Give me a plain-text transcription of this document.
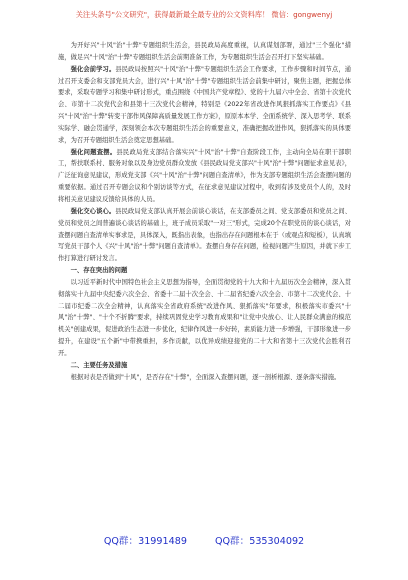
关注头条号"公文研究"，获得最新最全最专业的公文资料库！ 微信：gongwenyj

为开好兴"十风"治"十弊"专题组织生活会，县民政局高度重视，认真谋划部署，通过"三个强化"措施，做足兴"十风"治"十弊"专题组织生活会前期准备工作，为专题组织生活会召开打下坚实基础。

强化会前学习。县民政局按照兴"十风"治"十弊"专题组织生活会工作要求，工作步骤和时间节点，通过召开支委会和支部党员大会，进行兴"十风"治"十弊"专题组织生活会前集中研讨，聚焦主题，把握总体要求，采取专题学习和集中研讨形式，重点围绕《中国共产党章程》、党的十九届六中全会、省第十次党代会、市第十二次党代会和县第十三次党代会精神，特别是《2022年省改进作风狠抓落实工作要点》《县兴"十风"治"十弊"转变干部作风保障高质量发展工作方案》，原原本本学、全面系统学、深入思考学、联系实际学、融会贯通学，深刻领会本次专题组织生活会的重要意义，准确把握改进作风，狠抓落实的具体要求，为召开专题组织生活会奠定思想基础。

强化问题查摆。县民政局党支部结合落实兴"十风"治"十弊"自查阶段工作，主动向全局在职干部职工，帮扶联系村、服务对象以及身边党员群众发放《县民政局党支部兴"十风"治"十弊"问题征求意见表》，广泛征询意见建议，形成党支部《兴"十风"治"十弊"问题自查清单》，作为支部专题组织生活会查摆问题的重要依据。通过召开专题会议和个别访谈等方式，在征求意见建议过程中，收到有涉及党员个人的，及时将相关意见建议反馈给具体的人员。

强化交心谈心。县民政局党支部认真开展会前谈心谈话，在支部委员之间、党支部委员和党员之间、党员和党员之间普遍谈心谈话的基础上，班子成员采取"一对三"形式，完成20个在职党员的谈心谈话，对查摆问题自查清单实事求是，具体深入，既指出表象，也指出存在问题根本在于（或观点和短板），认真填写党员干部个人《兴"十风"治"十弊"问题自查清单》。查摆自身存在问题，检视问题产生原因，并就下步工作打算进行研讨发言。

一、存在突出的问题

以习近平新时代中国特色社会主义思想为指导，全面贯彻党的十九大和十九届历次全会精神，深入贯彻落实十九届中央纪委六次全会、省委十二届十次全会、十二届省纪委六次全会、市第十二次党代会、十二届市纪委二次全会精神，认真落实全省政府系统"改进作风、狠抓落实"年要求，积极落实市委兴"十风"治"十弊"、"十个不折腾"要求，持续巩固党史学习教育成果和"让党中央放心、让人民群众满意的模范机关"创建成果，促进政治生态进一步优化，纪律作风进一步好转，素质能力进一步增强，干部形象进一步提升，在建设"五个新"中带携重担，多作贡献，以优异成绩迎接党的二十大和省第十三次党代会胜利召开。

二、主要任务及措施

根据对表是否做到"十风"，是否存在"十弊"，全面深入查摆问题，逐一剖析根源、逐条落实措施。

QQ群：31991489	QQ群：535304092
